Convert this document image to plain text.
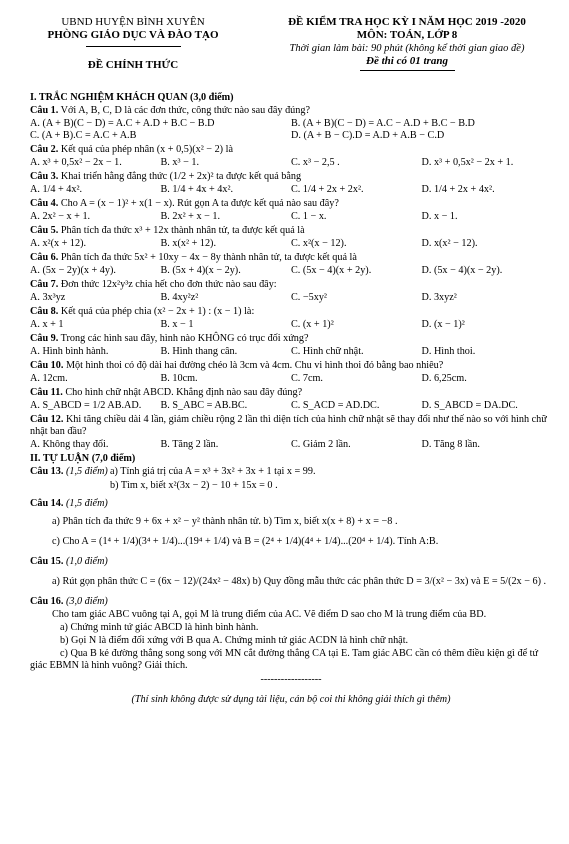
UBND HUYỆN BÌNH XUYÊN
PHÒNG GIÁO DỤC VÀ ĐÀO TẠO
ĐỀ CHÍNH THỨC
ĐỀ KIỂM TRA HỌC KỲ I NĂM HỌC 2019 -2020
MÔN: TOÁN, LỚP 8
Thời gian làm bài: 90 phút (không kể thời gian giao đề)
Đề thi có 01 trang
I. TRẮC NGHIỆM KHÁCH QUAN (3,0 điểm)
Câu 1. Với A, B, C, D là các đơn thức, công thức nào sau đây đúng?
A. (A + B)(C − D) = A.C + A.D + B.C − B.D	B. (A + B)(C − D) = A.C − A.D + B.C − B.D
C. (A + B).C = A.C + A.B	D. (A + B − C).D = A.D + A.B − C.D
Câu 2. Kết quả của phép nhân (x + 0,5)(x² − 2) là
A. x³ + 0,5x² − 2x − 1.	B. x³ − 1.	C. x³ − 2,5 .	D. x³ + 0,5x² − 2x + 1.
Câu 3. Khai triển hằng đẳng thức (1/2 + 2x)² ta được kết quả bằng
A. 1/4 + 4x².	B. 1/4 + 4x + 4x².	C. 1/4 + 2x + 2x².	D. 1/4 + 2x + 4x².
Câu 4. Cho A = (x − 1)² + x(1 − x). Rút gọn A ta được kết quả nào sau đây?
A. 2x² − x + 1.	B. 2x² + x − 1.	C. 1 − x.	D. x − 1.
Câu 5. Phân tích đa thức x³ + 12x thành nhân tử, ta được kết quả là
A. x²(x + 12).	B. x(x² + 12).	C. x²(x − 12).	D. x(x² − 12).
Câu 6. Phân tích đa thức 5x² + 10xy − 4x − 8y thành nhân tử, ta được kết quả là
A. (5x − 2y)(x + 4y).	B. (5x + 4)(x − 2y).	C. (5x − 4)(x + 2y).	D. (5x − 4)(x − 2y).
Câu 7. Đơn thức 12x²y³z chia hết cho đơn thức nào sau đây:
A. 3x³yz	B. 4xy²z²	C. −5xy²	D. 3xyz²
Câu 8. Kết quả của phép chia (x² − 2x + 1) : (x − 1) là:
A. x + 1	B. x − 1	C. (x + 1)²	D. (x − 1)²
Câu 9. Trong các hình sau đây, hình nào KHÔNG có trục đối xứng?
A. Hình bình hành.	B. Hình thang cân.	C. Hình chữ nhật.	D. Hình thoi.
Câu 10. Một hình thoi có độ dài hai đường chéo là 3cm và 4cm. Chu vi hình thoi đó bằng bao nhiêu?
A. 12cm.	B. 10cm.	C. 7cm.	D. 6,25cm.
Câu 11. Cho hình chữ nhật ABCD. Khẳng định nào sau đây đúng?
A. S_ABCD = 1/2 AB.AD.	B. S_ABC = AB.BC.	C. S_ACD = AD.DC.	D. S_ABCD = DA.DC.
Câu 12. Khi tăng chiều dài 4 lần, giảm chiều rộng 2 lần thì diện tích của hình chữ nhật sẽ thay đổi như thế nào so với hình chữ nhật ban đầu?
A. Không thay đổi.	B. Tăng 2 lần.	C. Giảm 2 lần.	D. Tăng 8 lần.
II. TỰ LUẬN (7,0 điểm)
Câu 13. (1,5 điểm) a) Tính giá trị của A = x³ + 3x² + 3x + 1 tại x = 99.
b) Tìm x, biết x²(3x − 2) − 10 + 15x = 0 .
Câu 14. (1,5 điểm)
a) Phân tích đa thức 9 + 6x + x² − y² thành nhân tử. b) Tìm x, biết x(x + 8) + x = −8 .
c) Cho A = (1⁴ + 1/4)(3⁴ + 1/4)...(19⁴ + 1/4) và B = (2⁴ + 1/4)(4⁴ + 1/4)...(20⁴ + 1/4). Tính A:B.
Câu 15. (1,0 điểm)
a) Rút gọn phân thức C = (6x − 12)/(24x² − 48x) b) Quy đồng mẫu thức các phân thức D = 3/(x² − 3x) và E = 5/(2x − 6) .
Câu 16. (3,0 điểm)
Cho tam giác ABC vuông tại A, gọi M là trung điểm của AC. Vẽ điểm D sao cho M là trung điểm của BD.
a) Chứng minh tứ giác ABCD là hình bình hành.
b) Gọi N là điểm đối xứng với B qua A. Chứng minh tứ giác ACDN là hình chữ nhật.
c) Qua B kẻ đường thẳng song song với MN cắt đường thẳng CA tại E. Tam giác ABC cần có thêm điều kiện gì để tứ giác EBMN là hình vuông? Giải thích.
------------------
(Thí sinh không được sử dụng tài liệu, cán bộ coi thi không giải thích gì thêm)
